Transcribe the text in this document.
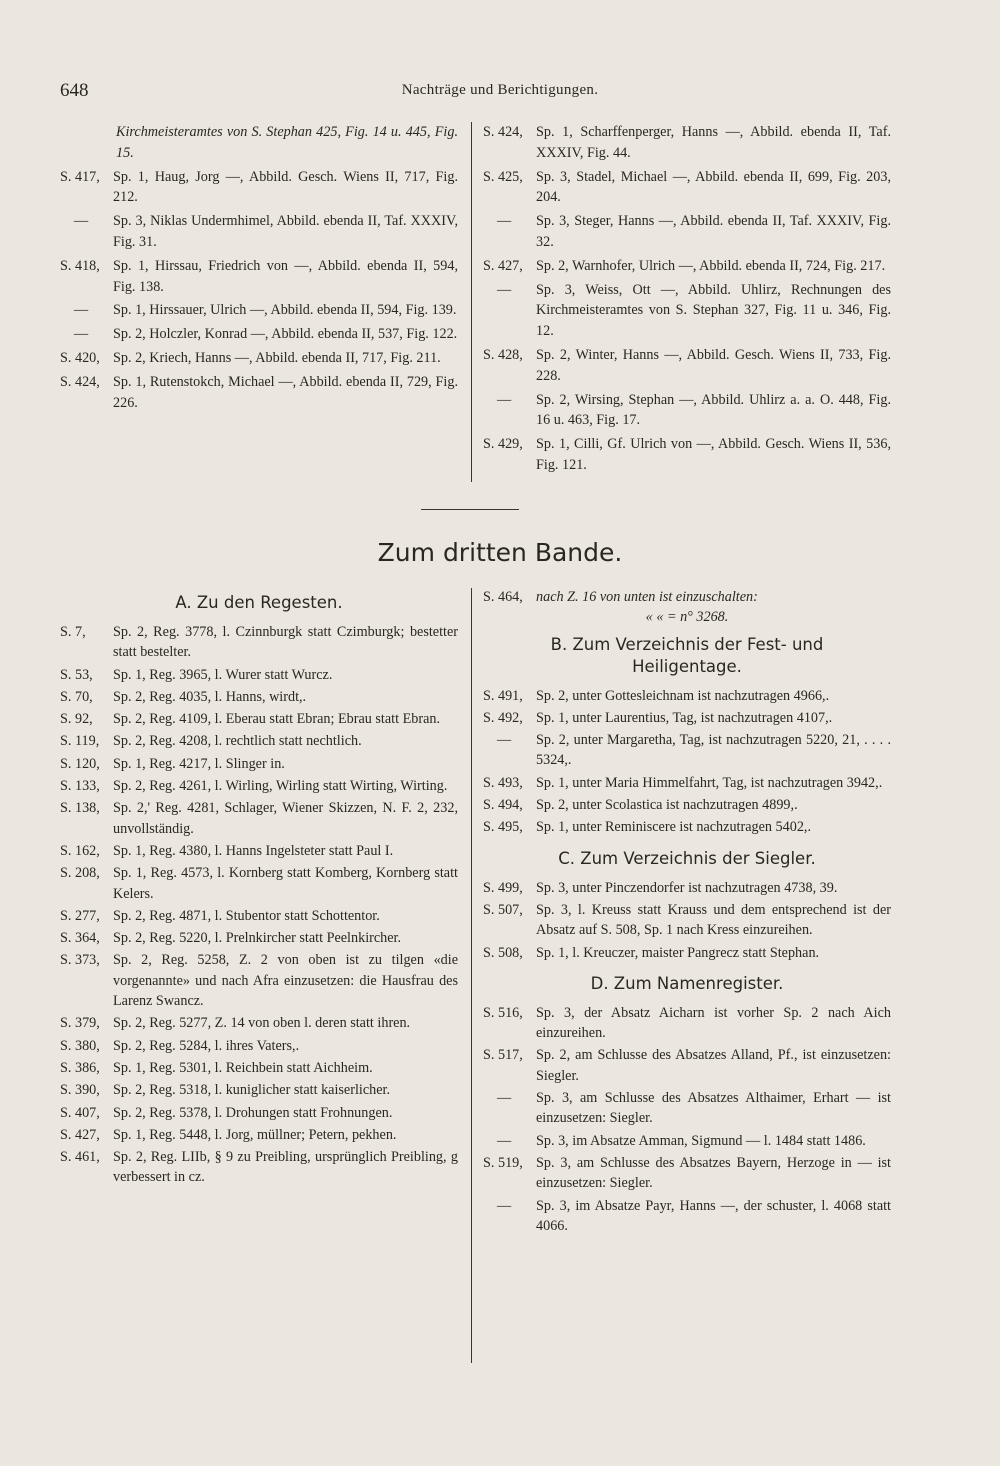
648	Nachträge und Berichtigungen.
Kirchmeisteramtes von S. Stephan 425, Fig. 14 u. 445, Fig. 15.
S. 417, Sp. 1, Haug, Jorg —, Abbild. Gesch. Wiens II, 717, Fig. 212.
— Sp. 3, Niklas Undermhimel, Abbild. ebenda II, Taf. XXXIV, Fig. 31.
S. 418, Sp. 1, Hirssau, Friedrich von —, Abbild. ebenda II, 594, Fig. 138.
— Sp. 1, Hirssauer, Ulrich —, Abbild. ebenda II, 594, Fig. 139.
— Sp. 2, Holczler, Konrad —, Abbild. ebenda II, 537, Fig. 122.
S. 420, Sp. 2, Kriech, Hanns —, Abbild. ebenda II, 717, Fig. 211.
S. 424, Sp. 1, Rutenstokch, Michael —, Abbild. ebenda II, 729, Fig. 226.
S. 424, Sp. 1, Scharffenperger, Hanns —, Abbild. ebenda II, Taf. XXXIV, Fig. 44.
S. 425, Sp. 3, Stadel, Michael —, Abbild. ebenda II, 699, Fig. 203, 204.
— Sp. 3, Steger, Hanns —, Abbild. ebenda II, Taf. XXXIV, Fig. 32.
S. 427, Sp. 2, Warnhofer, Ulrich —, Abbild. ebenda II, 724, Fig. 217.
— Sp. 3, Weiss, Ott —, Abbild. Uhlirz, Rechnungen des Kirchmeisteramtes von S. Stephan 327, Fig. 11 u. 346, Fig. 12.
S. 428, Sp. 2, Winter, Hanns —, Abbild. Gesch. Wiens II, 733, Fig. 228.
— Sp. 2, Wirsing, Stephan —, Abbild. Uhlirz a. a. O. 448, Fig. 16 u. 463, Fig. 17.
S. 429, Sp. 1, Cilli, Gf. Ulrich von —, Abbild. Gesch. Wiens II, 536, Fig. 121.
Zum dritten Bande.
A. Zu den Regesten.
S. 7, Sp. 2, Reg. 3778, l. Czinnburgk statt Czimburgk; bestetter statt bestelter.
S. 53, Sp. 1, Reg. 3965, l. Wurer statt Wurcz.
S. 70, Sp. 2, Reg. 4035, l. Hanns, wirdt,.
S. 92, Sp. 2, Reg. 4109, l. Eberau statt Ebran; Ebrau statt Ebran.
S. 119, Sp. 2, Reg. 4208, l. rechtlich statt nechtlich.
S. 120, Sp. 1, Reg. 4217, l. Slinger in.
S. 133, Sp. 2, Reg. 4261, l. Wirling, Wirling statt Wirting, Wirting.
S. 138, Sp. 2,' Reg. 4281, Schlager, Wiener Skizzen, N. F. 2, 232, unvollständig.
S. 162, Sp. 1, Reg. 4380, l. Hanns Ingelsteter statt Paul I.
S. 208, Sp. 1, Reg. 4573, l. Kornberg statt Komberg, Kornberg statt Kelers.
S. 277, Sp. 2, Reg. 4871, l. Stubentor statt Schottentor.
S. 364, Sp. 2, Reg. 5220, l. Prelnkircher statt Peelnkircher.
S. 373, Sp. 2, Reg. 5258, Z. 2 von oben ist zu tilgen «die vorgenannte» und nach Afra einzusetzen: die Hausfrau des Larenz Swancz.
S. 379, Sp. 2, Reg. 5277, Z. 14 von oben l. deren statt ihren.
S. 380, Sp. 2, Reg. 5284, l. ihres Vaters,.
S. 386, Sp. 1, Reg. 5301, l. Reichbein statt Aichheim.
S. 390, Sp. 2, Reg. 5318, l. kuniglicher statt kaiserlicher.
S. 407, Sp. 2, Reg. 5378, l. Drohungen statt Frohnungen.
S. 427, Sp. 1, Reg. 5448, l. Jorg, müllner; Petern, pekhen.
S. 461, Sp. 2, Reg. LIIb, § 9 zu Preibling, ursprünglich Preibling, g verbessert in cz.
S. 464, nach Z. 16 von unten ist einzuschalten:
« « = n° 3268.
B. Zum Verzeichnis der Fest- und Heiligentage.
S. 491, Sp. 2, unter Gottesleichnam ist nachzutragen 4966,.
S. 492, Sp. 1, unter Laurentius, Tag, ist nachzutragen 4107,.
— Sp. 2, unter Margaretha, Tag, ist nachzutragen 5220, 21, . . . . 5324,.
S. 493, Sp. 1, unter Maria Himmelfahrt, Tag, ist nachzutragen 3942,.
S. 494, Sp. 2, unter Scolastica ist nachzutragen 4899,.
S. 495, Sp. 1, unter Reminiscere ist nachzutragen 5402,.
C. Zum Verzeichnis der Siegler.
S. 499, Sp. 3, unter Pinczendorfer ist nachzutragen 4738, 39.
S. 507, Sp. 3, l. Kreuss statt Krauss und dem entsprechend ist der Absatz auf S. 508, Sp. 1 nach Kress einzureihen.
S. 508, Sp. 1, l. Kreuczer, maister Pangrecz statt Stephan.
D. Zum Namenregister.
S. 516, Sp. 3, der Absatz Aicharn ist vorher Sp. 2 nach Aich einzureihen.
S. 517, Sp. 2, am Schlusse des Absatzes Alland, Pf., ist einzusetzen: Siegler.
— Sp. 3, am Schlusse des Absatzes Althaimer, Erhart — ist einzusetzen: Siegler.
— Sp. 3, im Absatze Amman, Sigmund — l. 1484 statt 1486.
S. 519, Sp. 3, am Schlusse des Absatzes Bayern, Herzoge in — ist einzusetzen: Siegler.
— Sp. 3, im Absatze Payr, Hanns —, der schuster, l. 4068 statt 4066.
